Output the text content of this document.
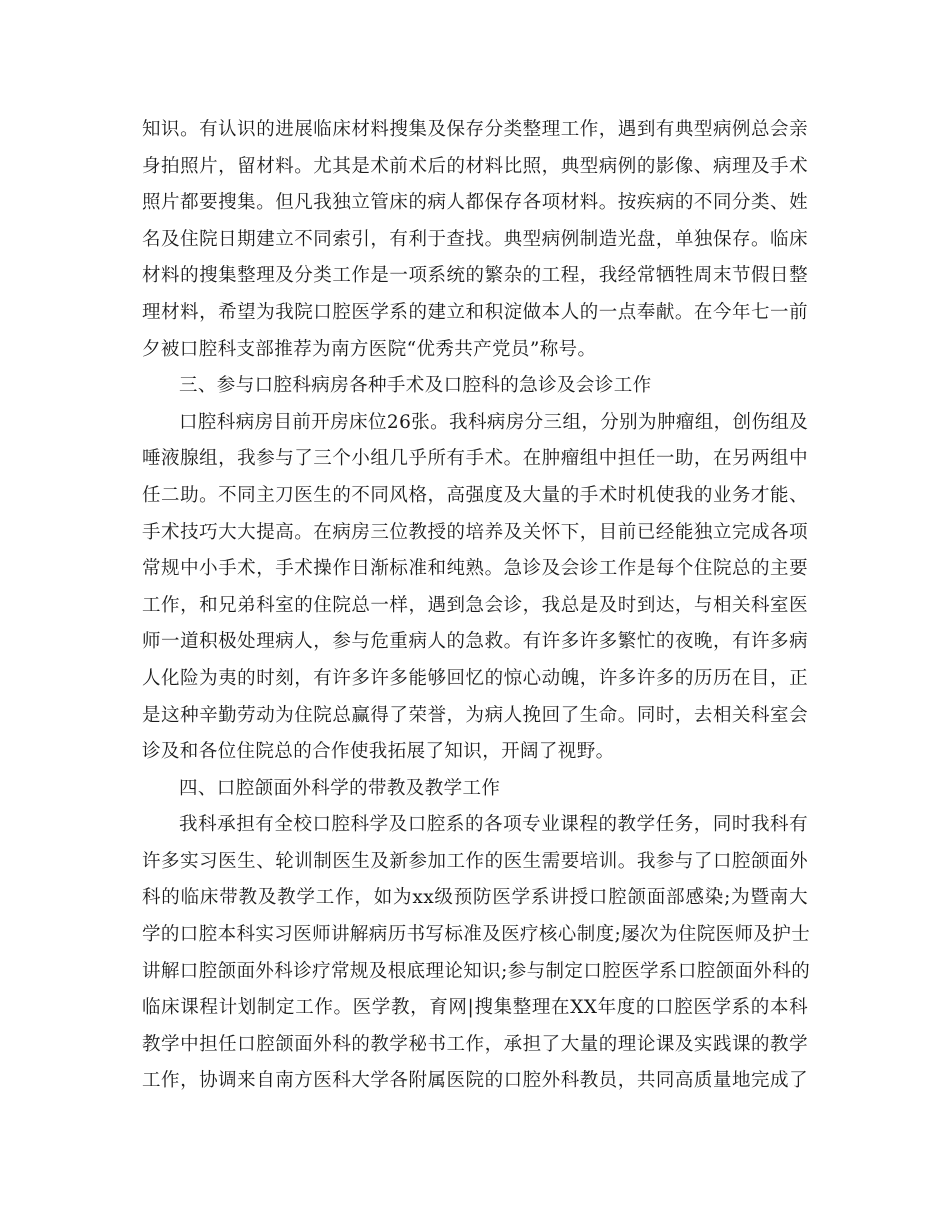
知识。有认识的进展临床材料搜集及保存分类整理工作，遇到有典型病例总会亲
身拍照片，留材料。尤其是术前术后的材料比照，典型病例的影像、病理及手术
照片都要搜集。但凡我独立管床的病人都保存各项材料。按疾病的不同分类、姓
名及住院日期建立不同索引，有利于查找。典型病例制造光盘，单独保存。临床
材料的搜集整理及分类工作是一项系统的繁杂的工程，我经常牺牲周末节假日整
理材料，希望为我院口腔医学系的建立和积淀做本人的一点奉献。在今年七一前
夕被口腔科支部推荐为南方医院“优秀共产党员”称号。
三、参与口腔科病房各种手术及口腔科的急诊及会诊工作
口腔科病房目前开房床位26张。我科病房分三组，分别为肿瘤组，创伤组及
唾液腺组，我参与了三个小组几乎所有手术。在肿瘤组中担任一助，在另两组中
任二助。不同主刀医生的不同风格，高强度及大量的手术时机使我的业务才能、
手术技巧大大提高。在病房三位教授的培养及关怀下，目前已经能独立完成各项
常规中小手术，手术操作日渐标准和纯熟。急诊及会诊工作是每个住院总的主要
工作，和兄弟科室的住院总一样，遇到急会诊，我总是及时到达，与相关科室医
师一道积极处理病人，参与危重病人的急救。有许多许多繁忙的夜晚，有许多病
人化险为夷的时刻，有许多许多能够回忆的惊心动魄，许多许多的历历在目，正
是这种辛勤劳动为住院总赢得了荣誉，为病人挽回了生命。同时，去相关科室会
诊及和各位住院总的合作使我拓展了知识，开阔了视野。
四、口腔颌面外科学的带教及教学工作
我科承担有全校口腔科学及口腔系的各项专业课程的教学任务，同时我科有
许多实习医生、轮训制医生及新参加工作的医生需要培训。我参与了口腔颌面外
科的临床带教及教学工作，如为xx级预防医学系讲授口腔颌面部感染;为暨南大
学的口腔本科实习医师讲解病历书写标准及医疗核心制度;屡次为住院医师及护士
讲解口腔颌面外科诊疗常规及根底理论知识;参与制定口腔医学系口腔颌面外科的
临床课程计划制定工作。医学教，育网|搜集整理在XX年度的口腔医学系的本科
教学中担任口腔颌面外科的教学秘书工作，承担了大量的理论课及实践课的教学
工作，协调来自南方医科大学各附属医院的口腔外科教员，共同高质量地完成了
